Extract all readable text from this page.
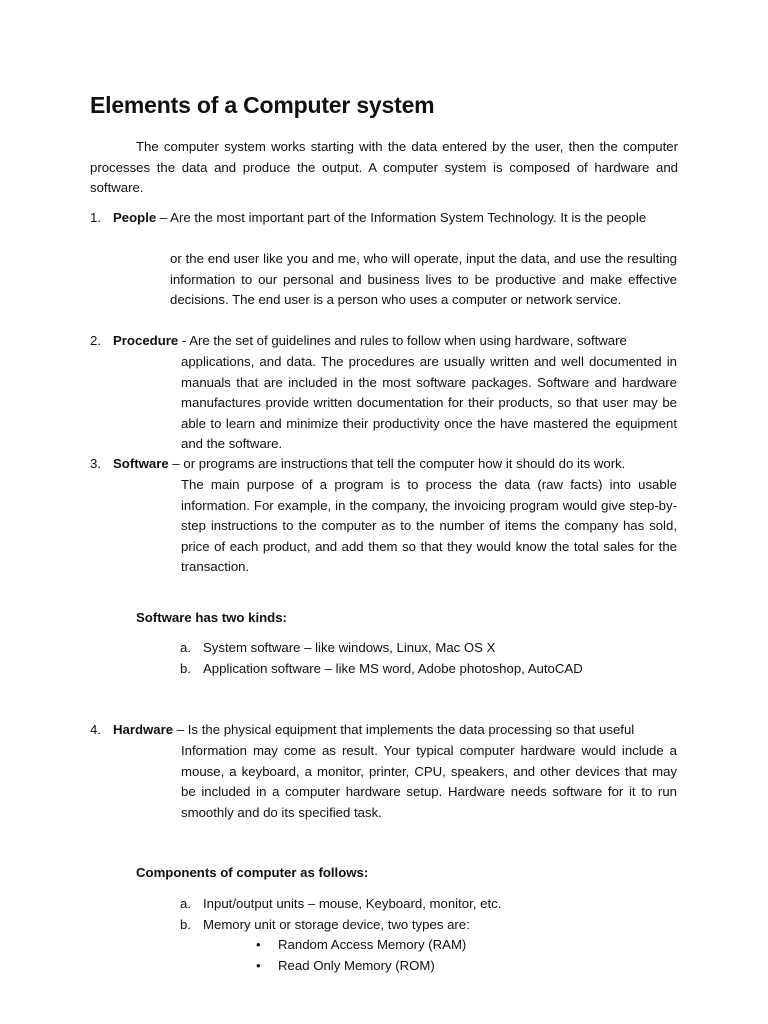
Elements of a Computer system

The computer system works starting with the data entered by the user, then the computer processes the data and produce the output. A computer system is composed of hardware and software.

1. People – Are the most important part of the Information System Technology. It is the people

or the end user like you and me, who will operate, input the data, and use the resulting information to our personal and business lives to be productive and make effective decisions. The end user is a person who uses a computer or network service.

2. Procedure - Are the set of guidelines and rules to follow when using hardware, software

applications, and data. The procedures are usually written and well documented in manuals that are included in the most software packages. Software and hardware manufactures provide written documentation for their products, so that user may be able to learn and minimize their productivity once the have mastered the equipment and the software.

3. Software – or programs are instructions that tell the computer how it should do its work.

The main purpose of a program is to process the data (raw facts) into usable information. For example, in the company, the invoicing program would give step-by-step instructions to the computer as to the number of items the company has sold, price of each product, and add them so that they would know the total sales for the transaction.

Software has two kinds:
a. System software – like windows, Linux, Mac OS X
b. Application software – like MS word, Adobe photoshop, AutoCAD
4. Hardware – Is the physical equipment that implements the data processing so that useful

Information may come as result. Your typical computer hardware would include a mouse, a keyboard, a monitor, printer, CPU, speakers, and other devices that may be included in a computer hardware setup. Hardware needs software for it to run smoothly and do its specified task.

Components of computer as follows:
a. Input/output units – mouse, Keyboard, monitor, etc.
b. Memory unit or storage device, two types are:
• Random Access Memory (RAM)
• Read Only Memory (ROM)
